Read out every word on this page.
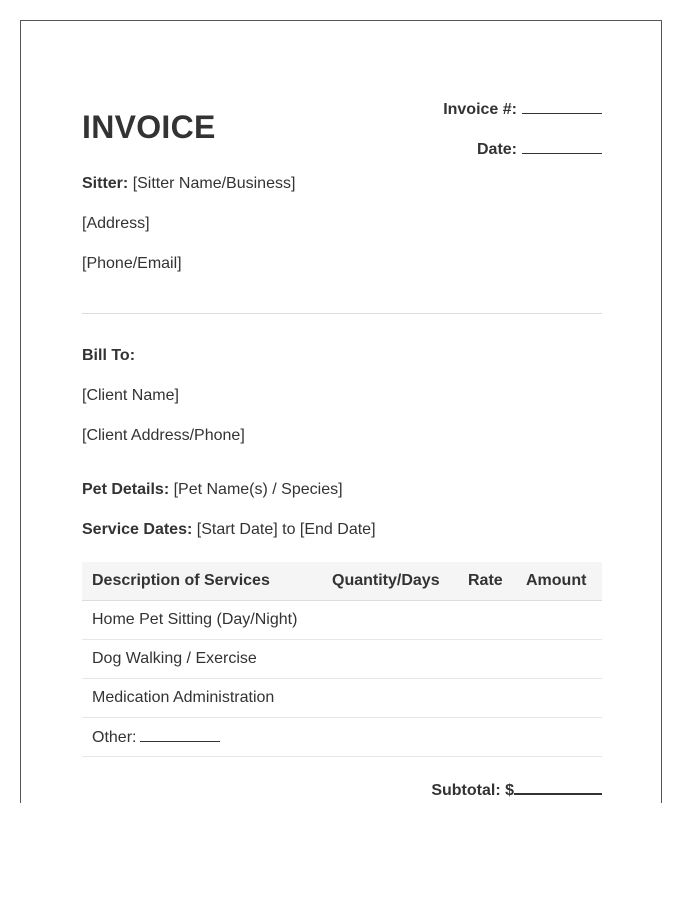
INVOICE	Invoice #:
Date:
Sitter: [Sitter Name/Business]
[Address]
[Phone/Email]
Bill To:
[Client Name]
[Client Address/Phone]
Pet Details: [Pet Name(s) / Species]
Service Dates: [Start Date] to [End Date]
Description of Services	Quantity/Days	Rate	Amount
Home Pet Sitting (Day/Night)			
Dog Walking / Exercise			
Medication Administration			
Other:			
Subtotal: $
